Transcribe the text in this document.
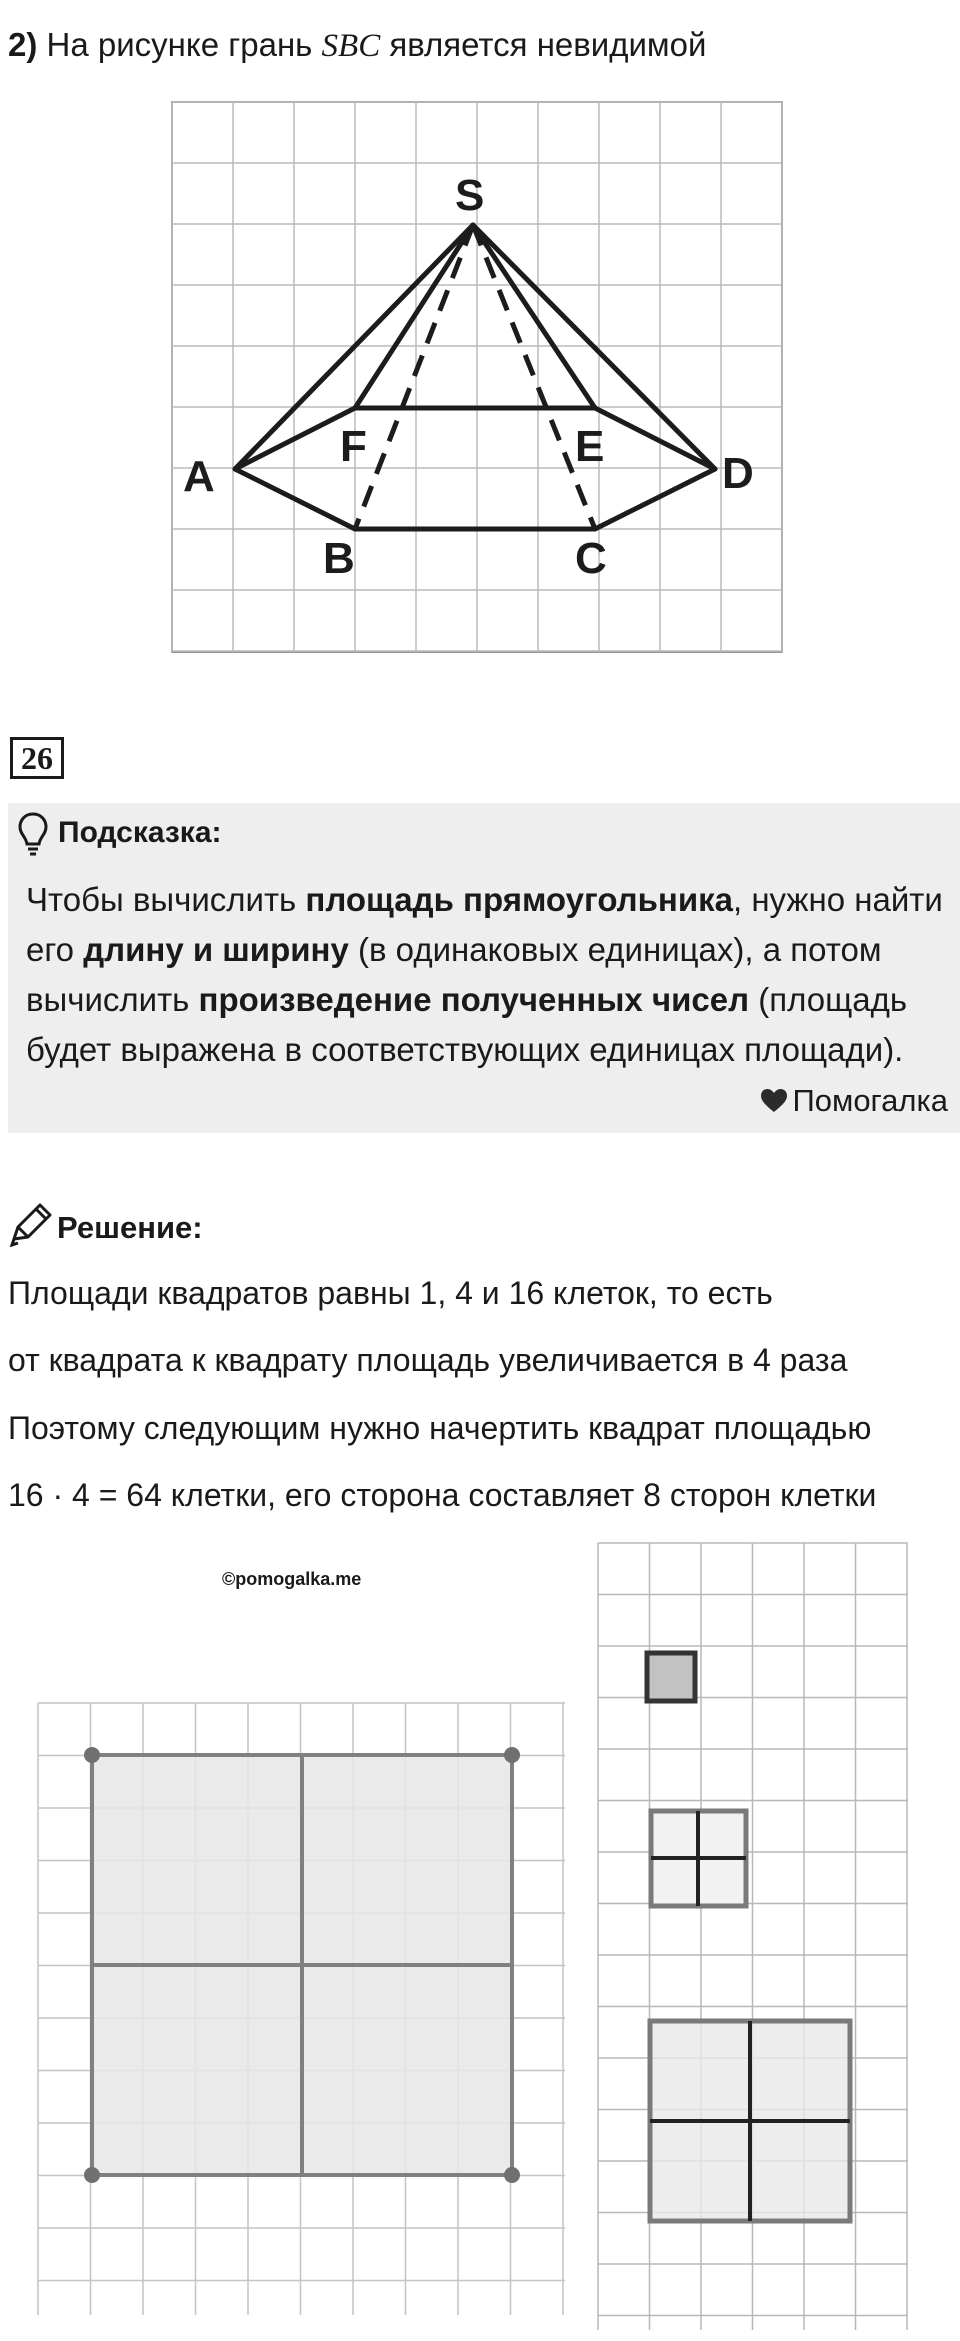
2) На рисунке грань SBC является невидимой
S
A
B	C
D
E
F
26
Подсказка:
Чтобы вычислить площадь прямоугольника, нужно найти
его длину и ширину (в одинаковых единицах), а потом
вычислить произведение полученных чисел (площадь
будет выражена в соответствующих единицах площади).
Помогалка
Решение:
Площади квадратов равны 1, 4 и 16 клеток, то есть
от квадрата к квадрату площадь увеличивается в 4 раза
Поэтому следующим нужно начертить квадрат площадью
16 · 4 = 64 клетки, его сторона составляет 8 сторон клетки
©pomogalka.me
